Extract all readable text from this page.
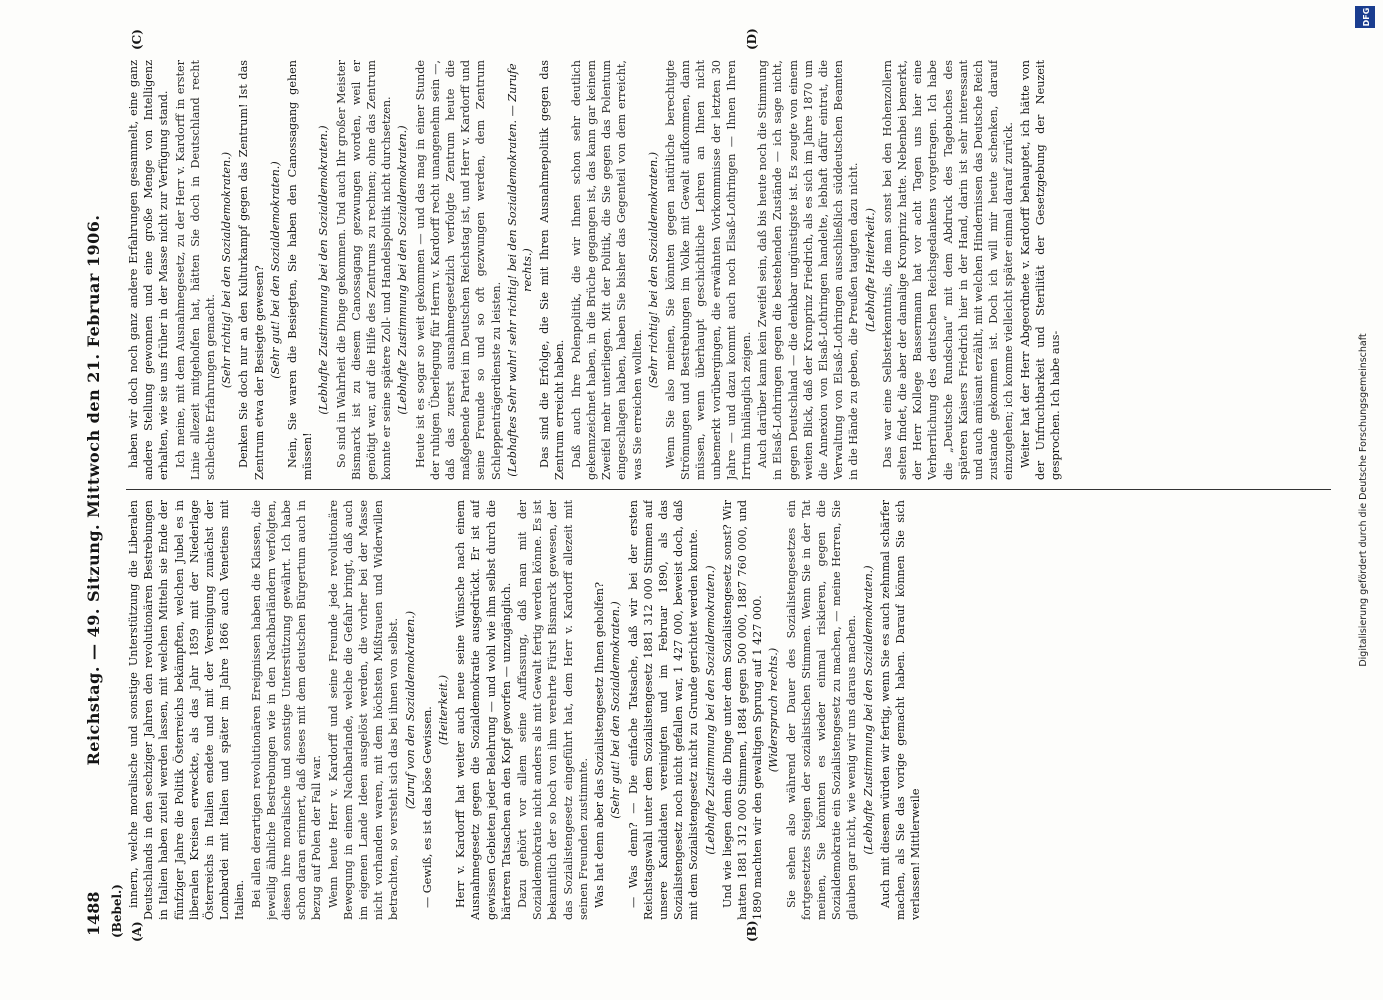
1488
Reichstag. — 49. Sitzung. Mittwoch den 21. Februar 1906.
(Bebel.) (A)	(B)
(C)	(D)

innern, welche moralische und sonstige Unterstützung die Liberalen Deutschlands in den sechziger Jahren den revolutionären Bestrebungen in Italien haben zuteil werden lassen, mit welchen Mitteln sie Ende der fünfziger Jahre die Politik Österreichs bekämpften, welchen Jubel es in liberalen Kreisen erweckte, als das Jahr 1859 mit der Niederlage Österreichs in Italien endete und mit der Vereinigung zunächst der Lombardei mit Italien und später im Jahre 1866 auch Venetiens mit Italien. Bei allen derartigen revolutionären Ereignissen haben die Klassen, die jeweilig ähnliche Bestrebungen wie in den Nachbarländern verfolgten, diesen ihre moralische und sonstige Unterstützung gewährt. Ich habe schon daran erinnert, daß dieses mit dem deutschen Bürgertum auch in bezug auf Polen der Fall war. Wenn heute Herr v. Kardorff und seine Freunde jede revolutionäre Bewegung in einem Nachbarlande, welche die Gefahr bringt, daß auch im eigenen Lande Ideen ausgelöst werden, die vorher bei der Masse nicht vorhanden waren, mit dem höchsten Mißtrauen und Widerwillen betrachten, so versteht sich das bei ihnen von selbst. (Zuruf von den Sozialdemokraten.) — Gewiß, es ist das böse Gewissen. (Heiterkeit.) Herr v. Kardorff hat weiter auch neue seine Wünsche nach einem Ausnahmegesetz gegen die Sozialdemokratie ausgedrückt. Er ist auf gewissen Gebieten jeder Belehrung — und wohl wie ihm selbst durch die härteren Tatsachen an den Kopf geworfen — unzugänglich. Dazu gehört vor allem seine Auffassung, daß man mit der Sozialdemokratie nicht anders als mit Gewalt fertig werden könne. Es ist bekanntlich der so hoch von ihm verehrte Fürst Bismarck gewesen, der das Sozialistengesetz eingeführt hat, dem Herr v. Kardorff allezeit mit seinen Freunden zustimmte. Was hat denn aber das Sozialistengesetz Ihnen geholfen? (Sehr gut! bei den Sozialdemokraten.) — Was denn? — Die einfache Tatsache, daß wir bei der ersten Reichstagswahl unter dem Sozialistengesetz 1881 312 000 Stimmen auf unsere Kandidaten vereinigten und im Februar 1890, als das Sozialistengesetz noch nicht gefallen war, 1 427 000, beweist doch, daß mit dem Sozialistengesetz nicht zu Grunde gerichtet werden konnte. (Lebhafte Zustimmung bei den Sozialdemokraten.) Und wie liegen denn die Dinge unter dem Sozialistengesetz sonst? Wir hatten 1881 312 000 Stimmen, 1884 gegen 500 000, 1887 760 000, und 1890 machten wir den gewaltigen Sprung auf 1 427 000. (Widerspruch rechts.) Sie sehen also während der Dauer des Sozialistengesetzes ein fortgesetztes Steigen der sozialistischen Stimmen. Wenn Sie in der Tat meinen, Sie könnten es wieder einmal riskieren, gegen die Sozialdemokratie ein Sozialistengesetz zu machen, — meine Herren, Sie glauben gar nicht, wie wenig wir uns daraus machen. (Lebhafte Zustimmung bei den Sozialdemokraten.) Auch mit diesem würden wir fertig, wenn Sie es auch zehnmal schärfer machen, als Sie das vorige gemacht haben. Darauf können Sie sich verlassen! Mittlerweile

haben wir doch noch ganz andere Erfahrungen gesammelt, eine ganz andere Stellung gewonnen und eine große Menge von Intelligenz erhalten, wie sie uns früher in der Masse nicht zur Verfügung stand. Ich meine, mit dem Ausnahmegesetz, zu der Herr v. Kardorff in erster Linie allezeit mitgeholfen hat, hätten Sie doch in Deutschland recht schlechte Erfahrungen gemacht. (Sehr richtig! bei den Sozialdemokraten.) Denken Sie doch nur an den Kulturkampf gegen das Zentrum! Ist das Zentrum etwa der Besiegte gewesen? (Sehr gut! bei den Sozialdemokraten.) Nein, Sie waren die Besiegten, Sie haben den Canossagang gehen müssen!

(Lebhafte Zustimmung bei den Sozialdemokraten.) So sind in Wahrheit die Dinge gekommen. Und auch Ihr großer Meister Bismarck ist zu diesem Canossagang gezwungen worden, weil er genötigt war, auf die Hilfe des Zentrums zu rechnen; ohne das Zentrum konnte er seine spätere Zoll- und Handelspolitik nicht durchsetzen. (Lebhafte Zustimmung bei den Sozialdemokraten.) Heute ist es sogar so weit gekommen — und das mag in einer Stunde der ruhigen Überlegung für Herrn v. Kardorff recht unangenehm sein —, daß das zuerst ausnahmegesetzlich verfolgte Zentrum heute die maßgebende Partei im Deutschen Reichstag ist, und Herr v. Kardorff und seine Freunde so und so oft gezwungen werden, dem Zentrum Schleppenträgerdienste zu leisten. (Lebhaftes Sehr wahr! sehr richtig! bei den Sozialdemokraten. — Zurufe rechts.) Das sind die Erfolge, die Sie mit Ihren Ausnahmepolitik gegen das Zentrum erreicht haben. Daß auch Ihre Polenpolitik, die wir Ihnen schon sehr deutlich gekennzeichnet haben, in die Brüche gegangen ist, das kann gar keinem Zweifel mehr unterliegen. Mit der Politik, die Sie gegen das Polentum eingeschlagen haben, haben Sie bisher das Gegenteil von dem erreicht, was Sie erreichen wollten.

(Sehr richtig! bei den Sozialdemokraten.) Wenn Sie also meinen, Sie könnten gegen natürliche berechtigte Strömungen und Bestrebungen im Volke mit Gewalt aufkommen, dann müssen, wenn überhaupt geschichtliche Lehren an Ihnen nicht unbemerkt vorübergingen, die erwähnten Vorkommnisse der letzten 30 Jahre — und dazu kommt auch noch Elsaß-Lothringen — Ihnen Ihren Irrtum hinlänglich zeigen. Auch darüber kann kein Zweifel sein, daß bis heute noch die Stimmung in Elsaß-Lothringen gegen die bestehenden Zustände — ich sage nicht, gegen Deutschland — die denkbar ungünstigste ist. Es zeugte von einem weiten Blick, daß der Kronprinz Friedrich, als es sich im Jahre 1870 um die Annexion von Elsaß-Lothringen handelte, lebhaft dafür eintrat, die Verwaltung von Elsaß-Lothringen ausschließlich süddeutschen Beamten in die Hände zu geben, die Preußen taugten dazu nicht. (Lebhafte Heiterkeit.) Das war eine Selbsterkenntnis, die man sonst bei den Hohenzollern selten findet, die aber der damalige Kronprinz hatte. Nebenbei bemerkt, der Herr Kollege Bassermann hat vor acht Tagen uns hier eine Verherrlichung des deutschen Reichsgedankens vorgetragen. Ich habe die „Deutsche Rundschau“ mit dem Abdruck des Tagebuches des späteren Kaisers Friedrich hier in der Hand, darin ist sehr interessant und auch amüsant erzählt, mit welchen Hindernissen das Deutsche Reich zustande gekommen ist. Doch ich will mir heute schenken, darauf einzugehen; ich komme vielleicht später einmal darauf zurück. Weiter hat der Herr Abgeordnete v. Kardorff behauptet, ich hätte von der Unfruchtbarkeit und Sterilität der Gesetzgebung der Neuzeit gesprochen. Ich habe aus-	Digitalisierung gefördert durch die Deutsche Forschungsgemeinschaft
DFG
